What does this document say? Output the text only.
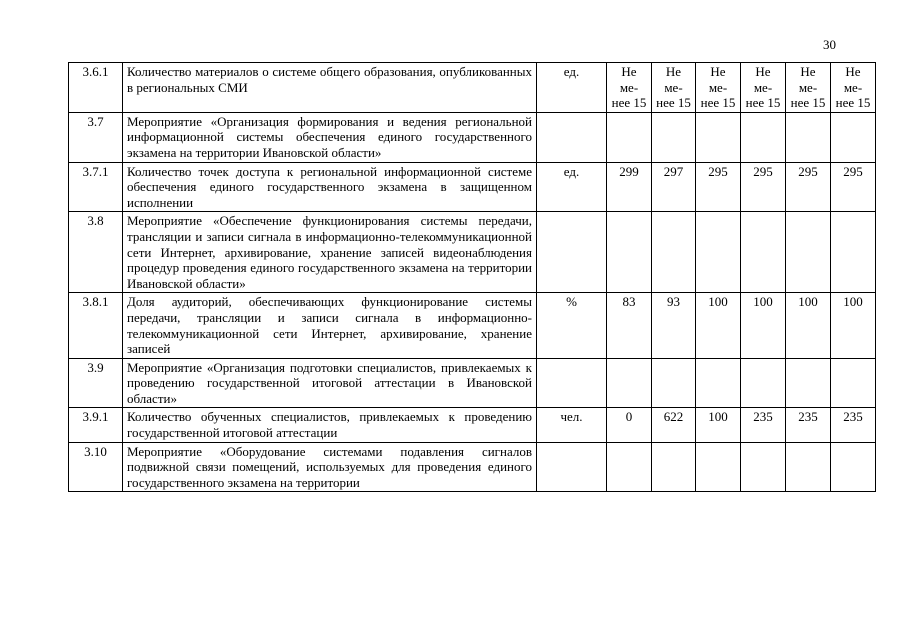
30
3.6.1	Количество материалов о системе общего образования, опубликованных в региональных СМИ	ед.	Не ме-нее 15	Не ме-нее 15	Не ме-нее 15	Не ме-нее 15	Не ме-нее 15	Не ме-нее 15
3.7	Мероприятие «Организация формирования и ведения региональной информационной системы обеспечения единого государственного экзамена на территории Ивановской области»							
3.7.1	Количество точек доступа к региональной информационной системе обеспечения единого государственного экзамена в защищенном исполнении	ед.	299	297	295	295	295	295
3.8	Мероприятие «Обеспечение функционирования системы передачи, трансляции и записи сигнала в информационно-телекоммуникационной сети Интернет, архивирование, хранение записей видеонаблюдения процедур проведения единого государственного экзамена на территории Ивановской области»							
3.8.1	Доля аудиторий, обеспечивающих функционирование системы передачи, трансляции и записи сигнала в информационно-телекоммуникационной сети Интернет, архивирование, хранение записей	%	83	93	100	100	100	100
3.9	Мероприятие «Организация подготовки специалистов, привлекаемых к проведению государственной итоговой аттестации в Ивановской области»							
3.9.1	Количество обученных специалистов, привлекаемых к проведению государственной итоговой аттестации	чел.	0	622	100	235	235	235
3.10	Мероприятие «Оборудование системами подавления сигналов подвижной связи помещений, используемых для проведения единого государственного экзамена на территории							
